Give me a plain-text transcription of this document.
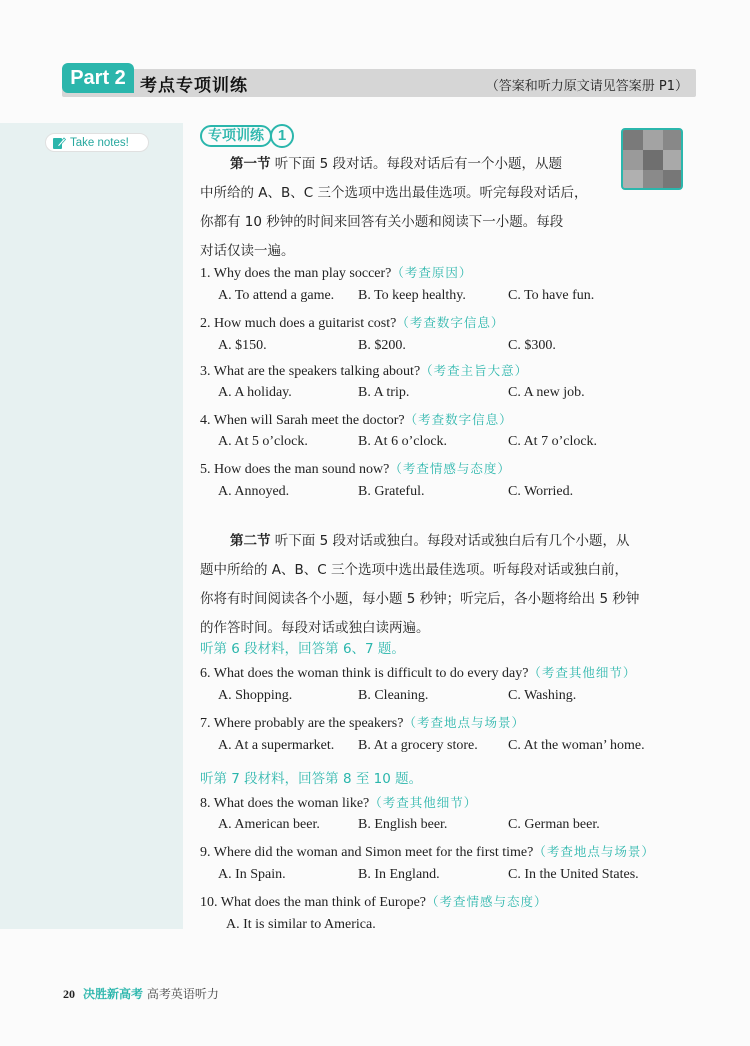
Part 2 考点专项训练	（答案和听力原文请见答案册 P1）
Take notes!	专项训练 1
第一节 听下面 5 段对话。每段对话后有一个小题，从题
中所给的 A、B、C 三个选项中选出最佳选项。听完每段对话后，
你都有 10 秒钟的时间来回答有关小题和阅读下一小题。每段
对话仅读一遍。
1. Why does the man play soccer?（考查原因）
A. To attend a game. B. To keep healthy.	C. To have fun.
2. How much does a guitarist cost?（考查数字信息）
A. $150.	B. $200.	C. $300.
3. What are the speakers talking about?（考查主旨大意）
A. A holiday.	B. A trip.	C. A new job.
4. When will Sarah meet the doctor?（考查数字信息）
A. At 5 o’clock.	B. At 6 o’clock.	C. At 7 o’clock.
5. How does the man sound now?（考查情感与态度）
A. Annoyed.	B. Grateful.	C. Worried.
第二节 听下面 5 段对话或独白。每段对话或独白后有几个小题，从
题中所给的 A、B、C 三个选项中选出最佳选项。听每段对话或独白前，
你将有时间阅读各个小题，每小题 5 秒钟；听完后，各小题将给出 5 秒钟
的作答时间。每段对话或独白读两遍。
听第 6 段材料，回答第 6、7 题。
6. What does the woman think is difficult to do every day?（考查其他细节）
A. Shopping.	B. Cleaning.	C. Washing.
7. Where probably are the speakers?（考查地点与场景）
A. At a supermarket. B. At a grocery store. C. At the woman’ home.
听第 7 段材料，回答第 8 至 10 题。
8. What does the woman like?（考查其他细节）
A. American beer.	B. English beer.	C. German beer.
9. Where did the woman and Simon meet for the first time?（考查地点与场景）
A. In Spain.	B. In England.	C. In the United States.
10. What does the man think of Europe?（考查情感与态度）
A. It is similar to America.
20 决胜新高考 高考英语听力
